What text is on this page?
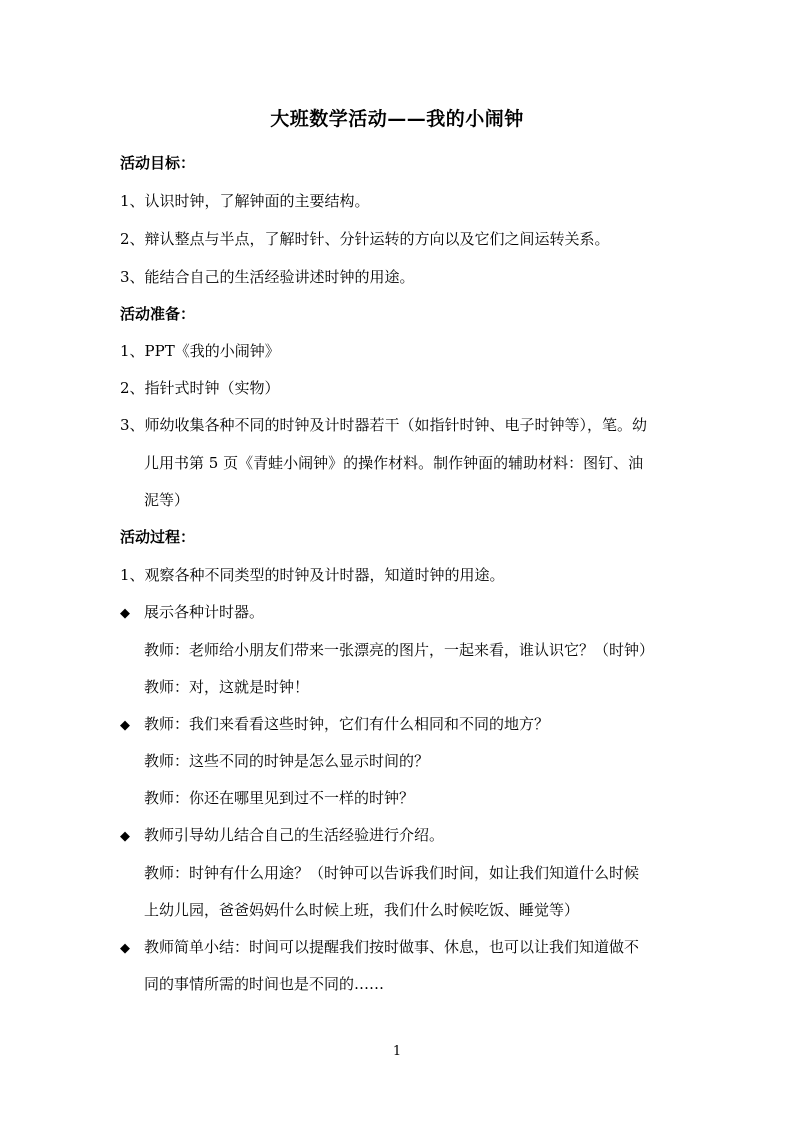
大班数学活动——我的小闹钟
活动目标：
1、认识时钟，了解钟面的主要结构。
2、辩认整点与半点，了解时针、分针运转的方向以及它们之间运转关系。
3、能结合自己的生活经验讲述时钟的用途。
活动准备：
1、PPT《我的小闹钟》
2、指针式时钟（实物）
3、师幼收集各种不同的时钟及计时器若干（如指针时钟、电子时钟等），笔。幼
儿用书第 5 页《青蛙小闹钟》的操作材料。制作钟面的辅助材料：图钉、油
泥等）
活动过程：
1、观察各种不同类型的时钟及计时器，知道时钟的用途。
◆ 展示各种计时器。
教师：老师给小朋友们带来一张漂亮的图片，一起来看，谁认识它？（时钟）
教师：对，这就是时钟！
◆ 教师：我们来看看这些时钟，它们有什么相同和不同的地方？
教师：这些不同的时钟是怎么显示时间的？
教师：你还在哪里见到过不一样的时钟？
◆ 教师引导幼儿结合自己的生活经验进行介绍。
教师：时钟有什么用途？（时钟可以告诉我们时间，如让我们知道什么时候
上幼儿园，爸爸妈妈什么时候上班，我们什么时候吃饭、睡觉等）
◆ 教师简单小结：时间可以提醒我们按时做事、休息，也可以让我们知道做不
同的事情所需的时间也是不同的……
1
